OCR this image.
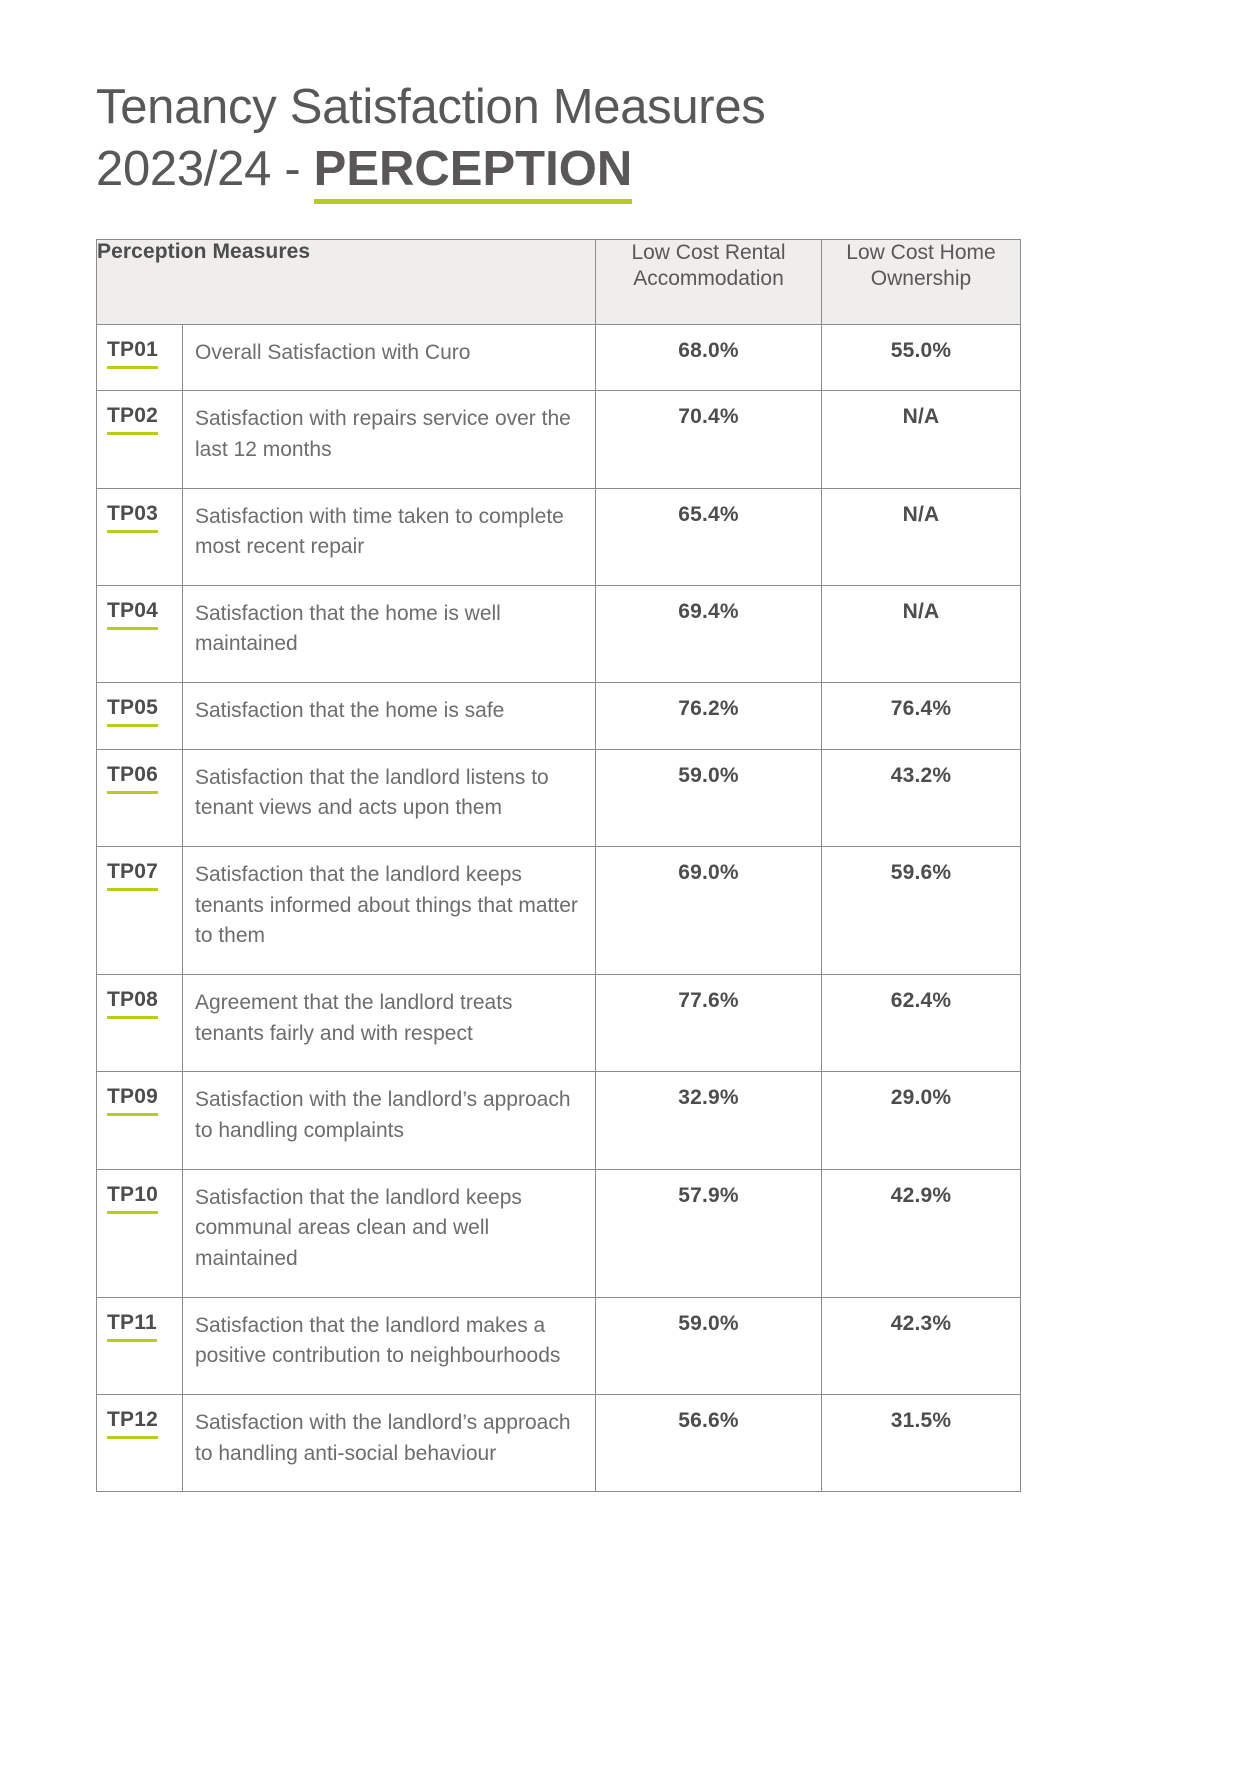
Tenancy Satisfaction Measures
2023/24 - PERCEPTION
Perception Measures		Low Cost Rental Accommodation	Low Cost Home Ownership
TP01	Overall Satisfaction with Curo	68.0%	55.0%
TP02	Satisfaction with repairs service over the last 12 months	70.4%	N/A
TP03	Satisfaction with time taken to complete most recent repair	65.4%	N/A
TP04	Satisfaction that the home is well maintained	69.4%	N/A
TP05	Satisfaction that the home is safe	76.2%	76.4%
TP06	Satisfaction that the landlord listens to tenant views and acts upon them	59.0%	43.2%
TP07	Satisfaction that the landlord keeps tenants informed about things that matter to them	69.0%	59.6%
TP08	Agreement that the landlord treats tenants fairly and with respect	77.6%	62.4%
TP09	Satisfaction with the landlord’s approach to handling complaints	32.9%	29.0%
TP10	Satisfaction that the landlord keeps communal areas clean and well maintained	57.9%	42.9%
TP11	Satisfaction that the landlord makes a positive contribution to neighbourhoods	59.0%	42.3%
TP12	Satisfaction with the landlord’s approach to handling anti-social behaviour	56.6%	31.5%
